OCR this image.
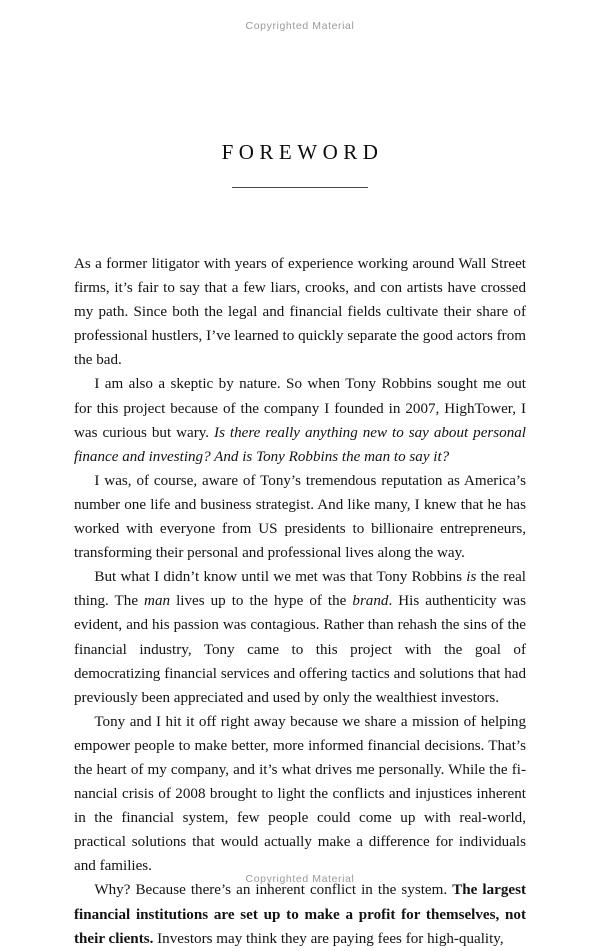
Copyrighted Material
FOREWORD

As a former litigator with years of experience working around Wall Street firms, it’s fair to say that a few liars, crooks, and con artists have crossed my path. Since both the legal and financial fields cultivate their share of professional hustlers, I’ve learned to quickly separate the good actors from the bad.

I am also a skeptic by nature. So when Tony Robbins sought me out for this project because of the company I founded in 2007, HighTower, I was curious but wary. Is there really anything new to say about personal finance and investing? And is Tony Robbins the man to say it?

I was, of course, aware of Tony’s tremendous reputation as America’s number one life and business strategist. And like many, I knew that he has worked with everyone from US presidents to billionaire entrepreneurs, transforming their personal and professional lives along the way.

But what I didn’t know until we met was that Tony Robbins is the real thing. The man lives up to the hype of the brand. His authenticity was evident, and his passion was contagious. Rather than rehash the sins of the financial industry, Tony came to this project with the goal of democratizing financial services and offering tactics and solutions that had previously been appreciated and used by only the wealthiest investors.

Tony and I hit it off right away because we share a mission of helping empower people to make better, more informed financial decisions. That’s the heart of my company, and it’s what drives me personally. While the financial crisis of 2008 brought to light the conflicts and injustices inherent in the financial system, few people could come up with real-world, practical solutions that would actually make a difference for individuals and families.

Why? Because there’s an inherent conflict in the system. The largest financial institutions are set up to make a profit for themselves, not their clients. Investors may think they are paying fees for high-quality,

Copyrighted Material
